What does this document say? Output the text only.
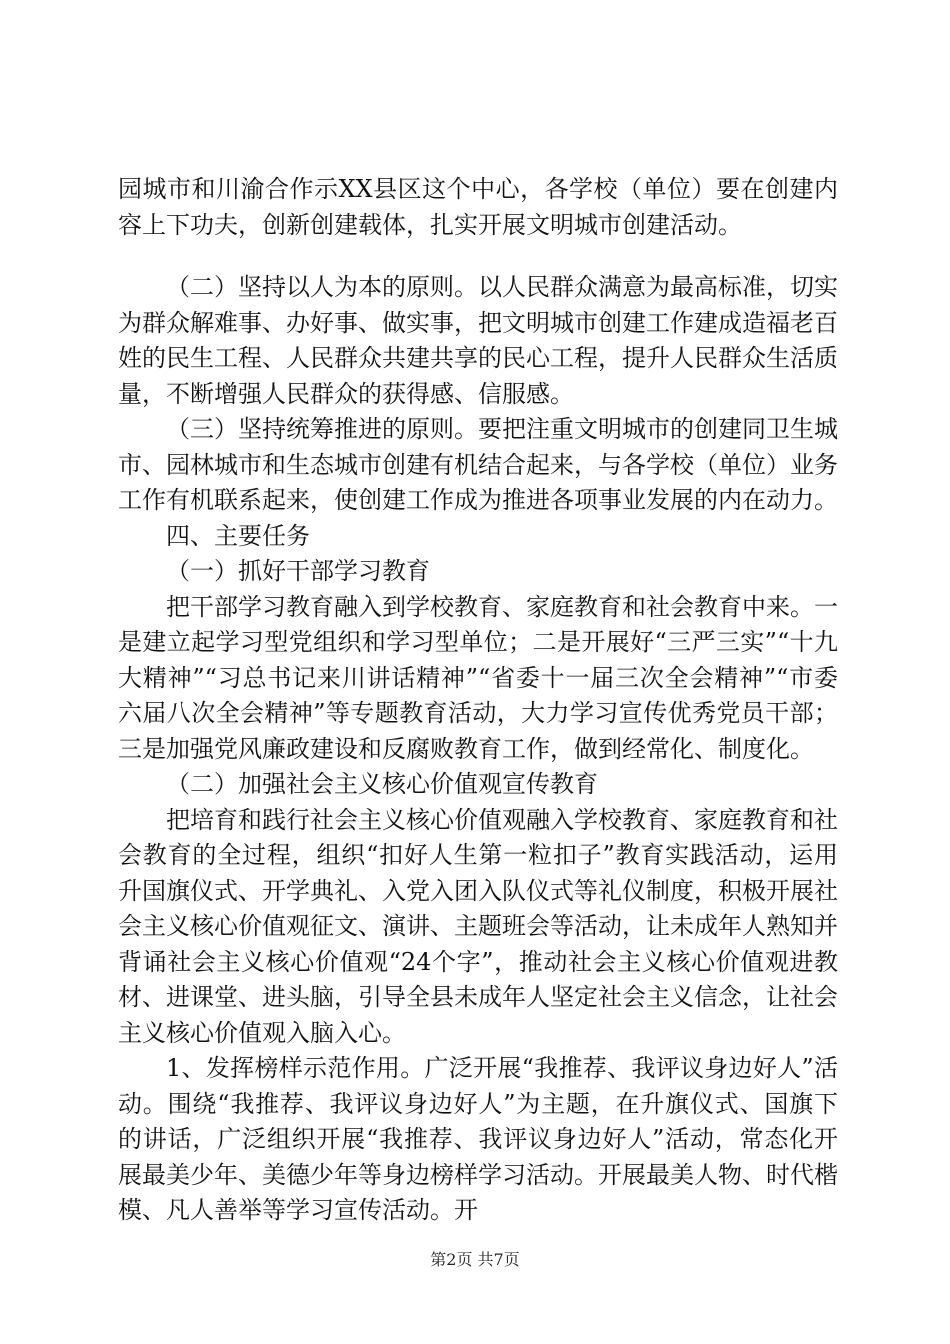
园城市和川渝合作示XX县区这个中心，各学校（单位）要在创建内容上下功夫，创新创建载体，扎实开展文明城市创建活动。

（二）坚持以人为本的原则。以人民群众满意为最高标准，切实为群众解难事、办好事、做实事，把文明城市创建工作建成造福老百姓的民生工程、人民群众共建共享的民心工程，提升人民群众生活质量，不断增强人民群众的获得感、信服感。

（三）坚持统筹推进的原则。要把注重文明城市的创建同卫生城市、园林城市和生态城市创建有机结合起来，与各学校（单位）业务工作有机联系起来，使创建工作成为推进各项事业发展的内在动力。

四、主要任务

（一）抓好干部学习教育

把干部学习教育融入到学校教育、家庭教育和社会教育中来。一是建立起学习型党组织和学习型单位；二是开展好“三严三实”“十九大精神”“习总书记来川讲话精神”“省委十一届三次全会精神”“市委六届八次全会精神”等专题教育活动，大力学习宣传优秀党员干部；三是加强党风廉政建设和反腐败教育工作，做到经常化、制度化。

（二）加强社会主义核心价值观宣传教育

把培育和践行社会主义核心价值观融入学校教育、家庭教育和社会教育的全过程，组织“扣好人生第一粒扣子”教育实践活动，运用升国旗仪式、开学典礼、入党入团入队仪式等礼仪制度，积极开展社会主义核心价值观征文、演讲、主题班会等活动，让未成年人熟知并背诵社会主义核心价值观“24个字”，推动社会主义核心价值观进教材、进课堂、进头脑，引导全县未成年人坚定社会主义信念，让社会主义核心价值观入脑入心。

1、发挥榜样示范作用。广泛开展“我推荐、我评议身边好人”活动。围绕“我推荐、我评议身边好人”为主题，在升旗仪式、国旗下的讲话，广泛组织开展“我推荐、我评议身边好人”活动，常态化开展最美少年、美德少年等身边榜样学习活动。开展最美人物、时代楷模、凡人善举等学习宣传活动。开

第2页 共7页
